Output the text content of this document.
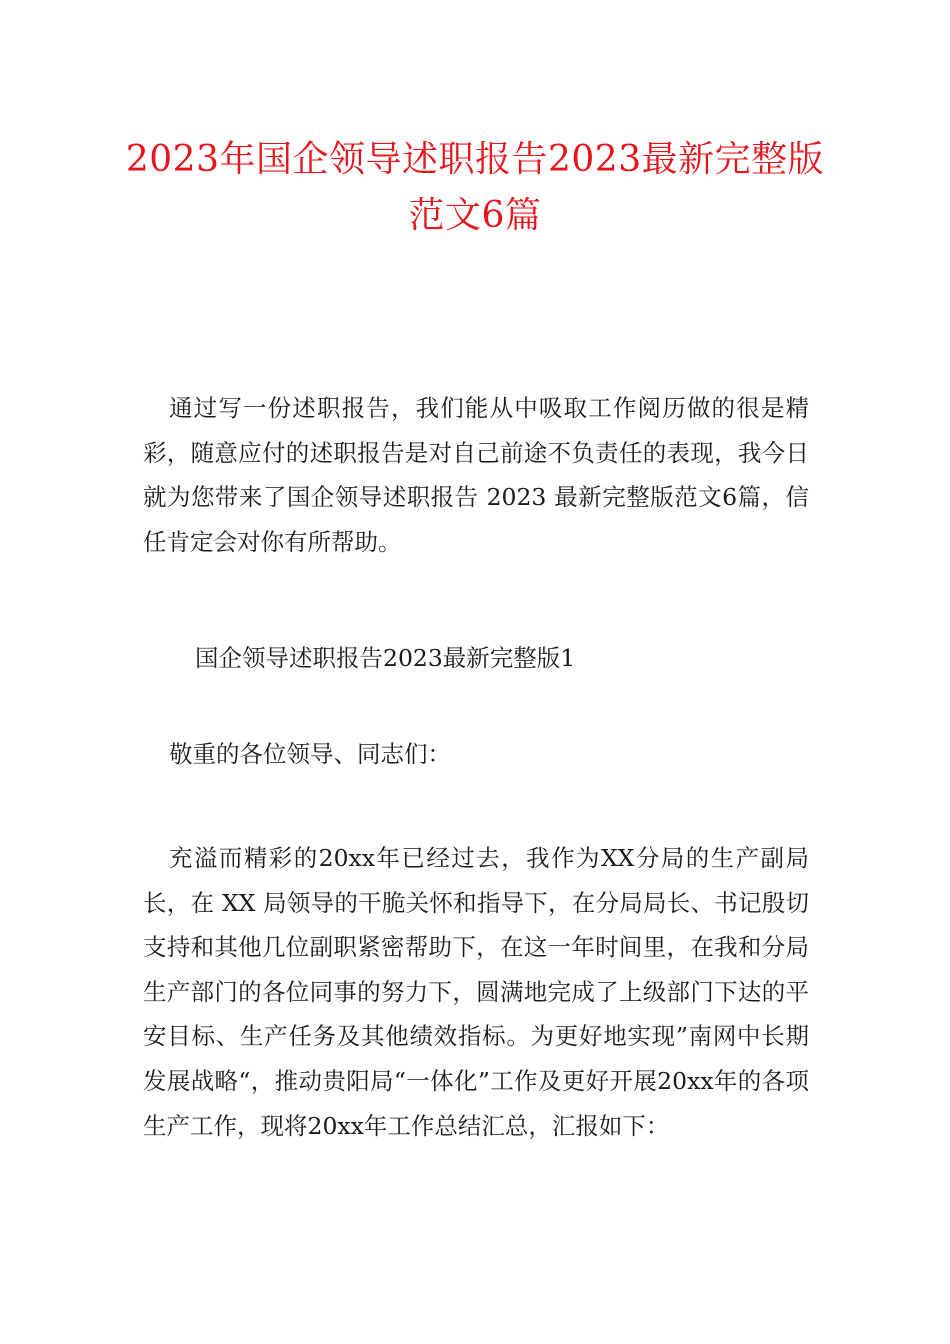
2023年国企领导述职报告2023最新完整版范文6篇
通过写一份述职报告，我们能从中吸取工作阅历做的很是精彩，随意应付的述职报告是对自己前途不负责任的表现，我今日就为您带来了国企领导述职报告 2023 最新完整版范文6篇，信任肯定会对你有所帮助。
国企领导述职报告2023最新完整版1
敬重的各位领导、同志们：
充溢而精彩的20xx年已经过去，我作为XX分局的生产副局长，在 XX 局领导的干脆关怀和指导下，在分局局长、书记殷切支持和其他几位副职紧密帮助下，在这一年时间里，在我和分局生产部门的各位同事的努力下，圆满地完成了上级部门下达的平安目标、生产任务及其他绩效指标。为更好地实现”南网中长期发展战略“，推动贵阳局“一体化”工作及更好开展20xx年的各项生产工作，现将20xx年工作总结汇总，汇报如下：
